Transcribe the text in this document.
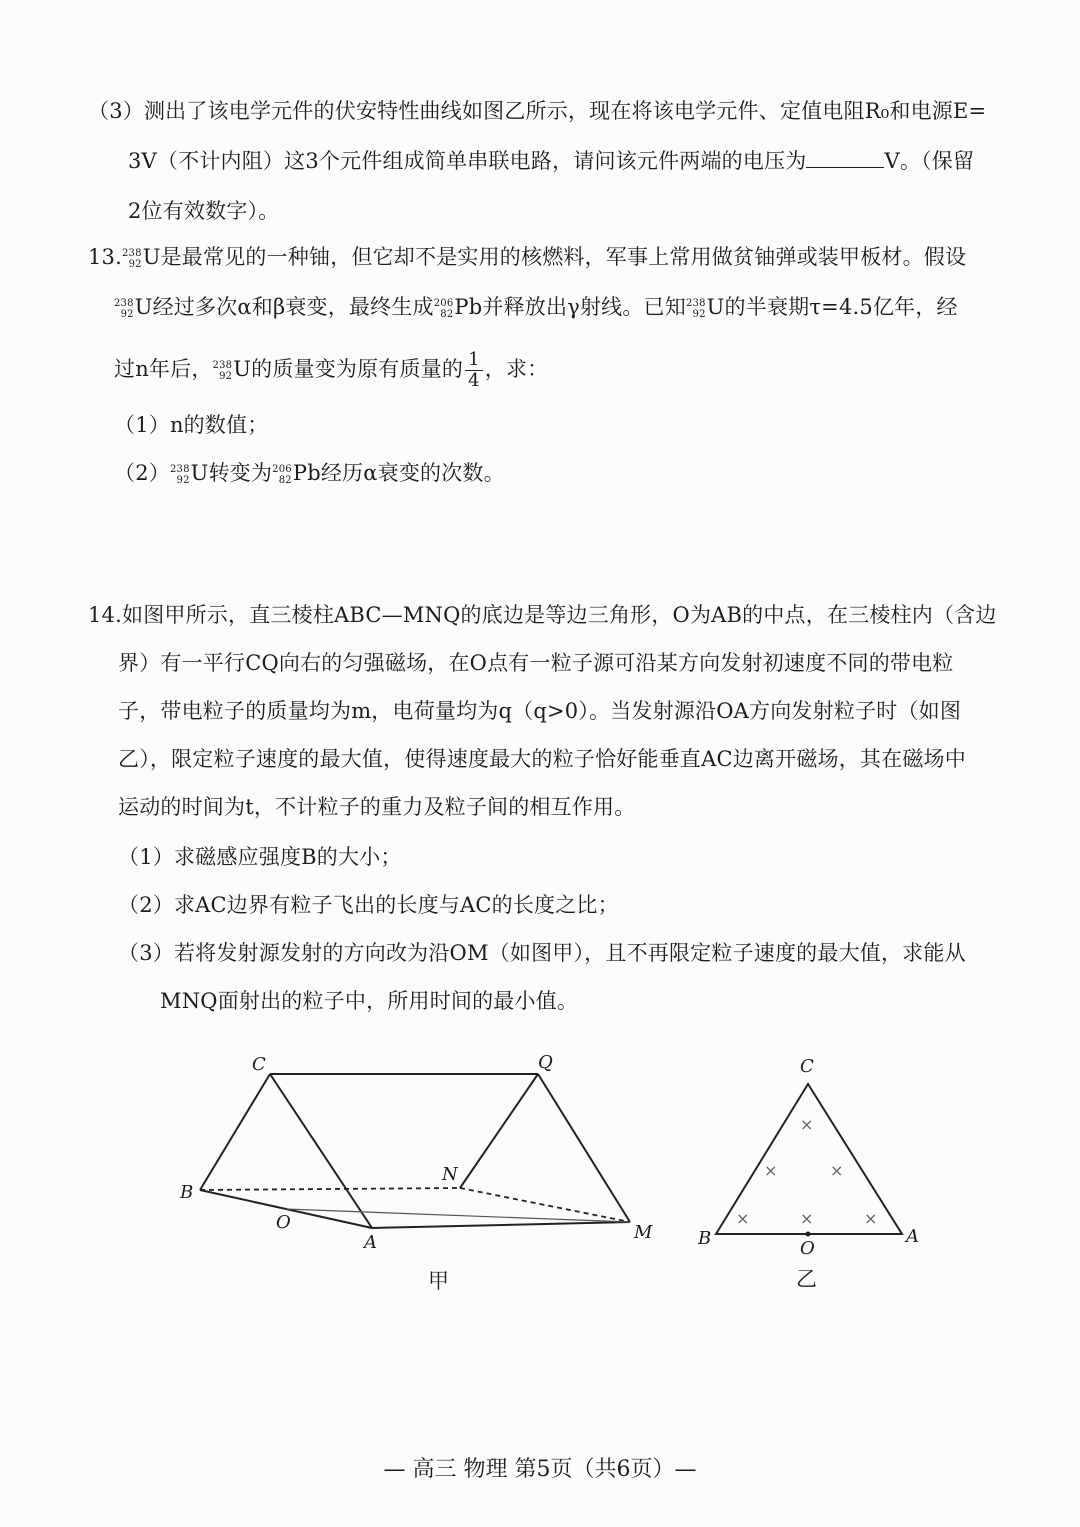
（3）测出了该电学元件的伏安特性曲线如图乙所示，现在将该电学元件、定值电阻R₀和电源E=
3V（不计内阻）这3个元件组成简单串联电路，请问该元件两端的电压为	V。（保留
2位有效数字）。
13. 238
92 U是最常见的一种铀，但它却不是实用的核燃料，军事上常用做贫铀弹或装甲板材。假设
238
92 U经过多次α和β衰变，最终生成 206
82 Pb并释放出γ射线。已知 238
92 U的半衰期τ=4.5亿年，经
过n年后， 238
92 U的质量变为原有质量的 $\frac{1}{4}$ ，求：
（1）n的数值；
（2） 238
92 U转变为 206
82 Pb经历α衰变的次数。
14.如图甲所示，直三棱柱ABC—MNQ的底边是等边三角形，O为AB的中点，在三棱柱内（含边
界）有一平行CQ向右的匀强磁场，在O点有一粒子源可沿某方向发射初速度不同的带电粒
子，带电粒子的质量均为m，电荷量均为q（q>0）。当发射源沿OA方向发射粒子时（如图
乙），限定粒子速度的最大值，使得速度最大的粒子恰好能垂直AC边离开磁场，其在磁场中
运动的时间为t，不计粒子的重力及粒子间的相互作用。
（1）求磁感应强度B的大小；
（2）求AC边界有粒子飞出的长度与AC的长度之比；
（3）若将发射源发射的方向改为沿OM（如图甲），且不再限定粒子速度的最大值，求能从
MNQ面射出的粒子中，所用时间的最小值。
C	Q
B
N
O
A	M
甲
×
×	×
×	×	×
C
B	A
O
乙
— 高三 物理 第5页（共6页）—
